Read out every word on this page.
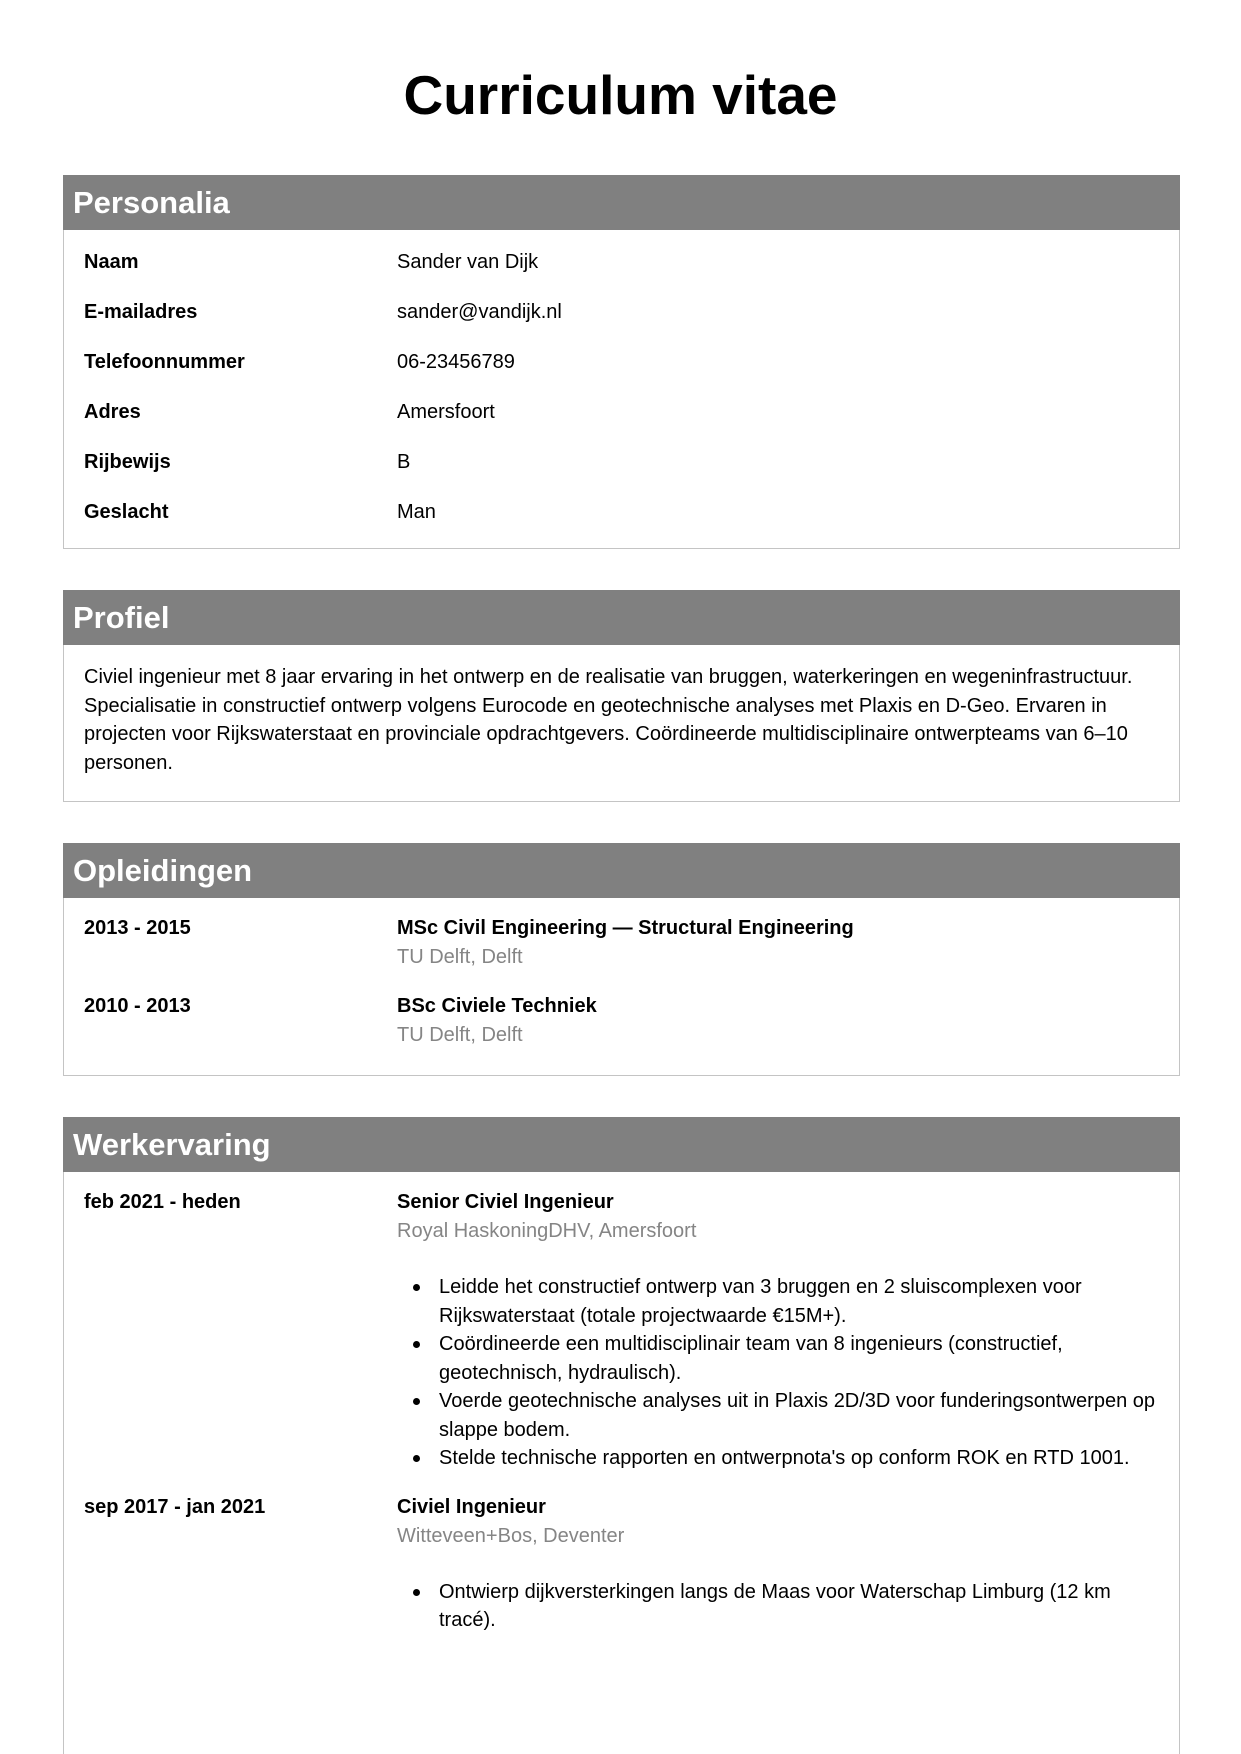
Curriculum vitae
Personalia
Naam	Sander van Dijk
E-mailadres	sander@vandijk.nl
Telefoonnummer	06-23456789
Adres	Amersfoort
Rijbewijs	B
Geslacht	Man
Profiel
Civiel ingenieur met 8 jaar ervaring in het ontwerp en de realisatie van bruggen, waterkeringen en wegeninfrastructuur. Specialisatie in constructief ontwerp volgens Eurocode en geotechnische analyses met Plaxis en D-Geo. Ervaren in projecten voor Rijkswaterstaat en provinciale opdrachtgevers. Coördineerde multidisciplinaire ontwerpteams van 6–10 personen.
Opleidingen
2013 - 2015	MSc Civil Engineering — Structural Engineering
TU Delft, Delft
2010 - 2013	BSc Civiele Techniek
TU Delft, Delft
Werkervaring
feb 2021 - heden	Senior Civiel Ingenieur
Royal HaskoningDHV, Amersfoort
Leidde het constructief ontwerp van 3 bruggen en 2 sluiscomplexen voor Rijkswaterstaat (totale projectwaarde €15M+).
Coördineerde een multidisciplinair team van 8 ingenieurs (constructief, geotechnisch, hydraulisch).
Voerde geotechnische analyses uit in Plaxis 2D/3D voor funderingsontwerpen op slappe bodem.
Stelde technische rapporten en ontwerpnota's op conform ROK en RTD 1001.
sep 2017 - jan 2021	Civiel Ingenieur
Witteveen+Bos, Deventer
Ontwierp dijkversterkingen langs de Maas voor Waterschap Limburg (12 km tracé).
